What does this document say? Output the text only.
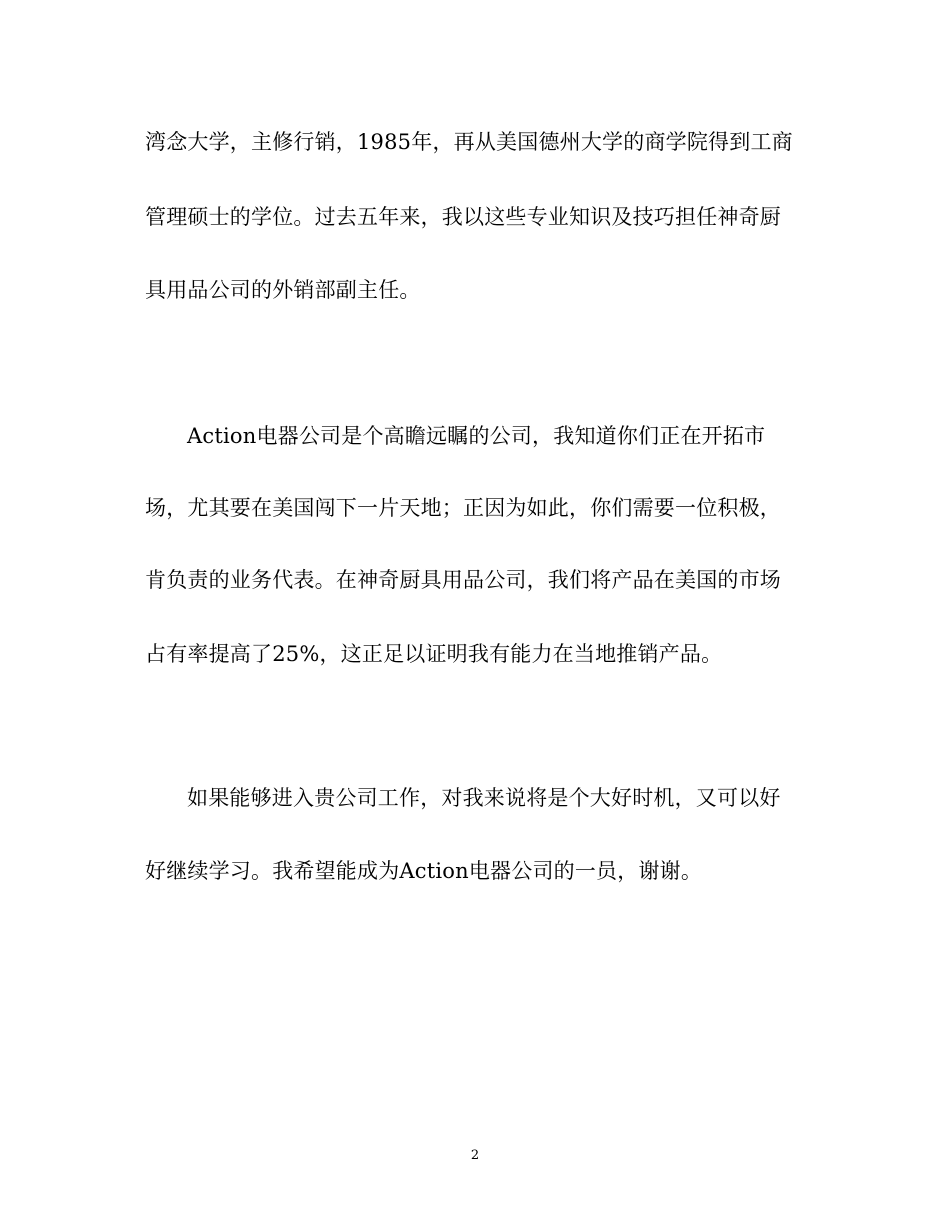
湾念大学，主修行销，1985年，再从美国德州大学的商学院得到工商
管理硕士的学位。过去五年来，我以这些专业知识及技巧担任神奇厨
具用品公司的外销部副主任。
Action电器公司是个高瞻远瞩的公司，我知道你们正在开拓市
场，尤其要在美国闯下一片天地；正因为如此，你们需要一位积极，
肯负责的业务代表。在神奇厨具用品公司，我们将产品在美国的市场
占有率提高了25%，这正足以证明我有能力在当地推销产品。
如果能够进入贵公司工作，对我来说将是个大好时机，又可以好
好继续学习。我希望能成为Action电器公司的一员，谢谢。
2
